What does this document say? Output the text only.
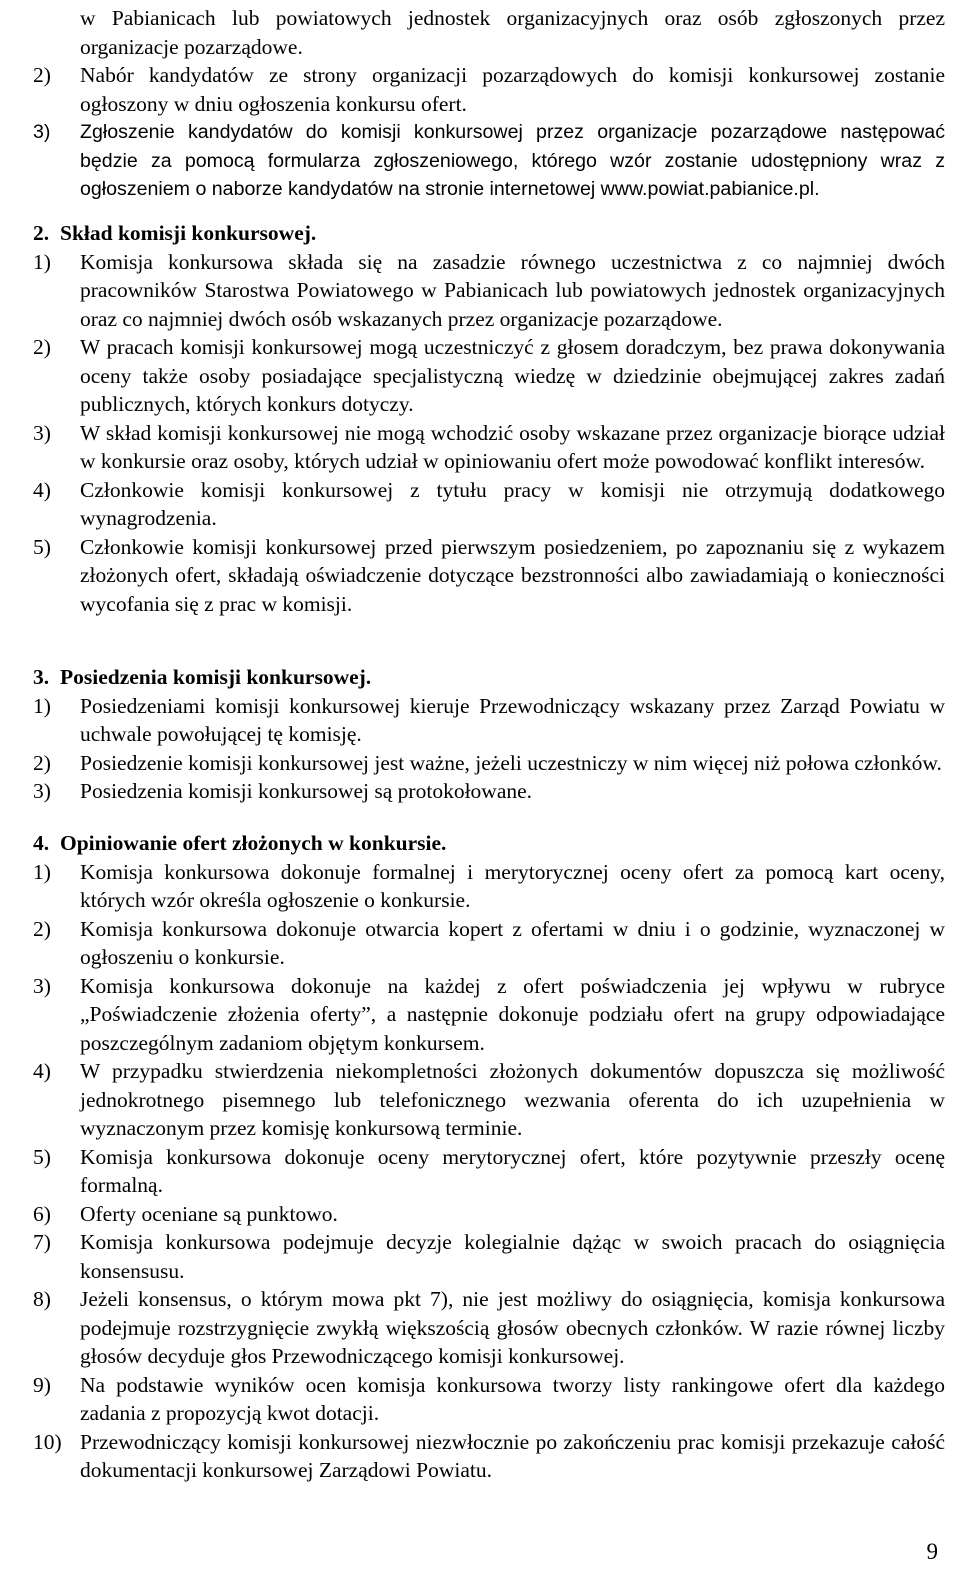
w Pabianicach lub powiatowych jednostek organizacyjnych oraz osób zgłoszonych przez organizacje pozarządowe.

2) Nabór kandydatów ze strony organizacji pozarządowych do komisji konkursowej zostanie ogłoszony w dniu ogłoszenia konkursu ofert.
3) Zgłoszenie kandydatów do komisji konkursowej przez organizacje pozarządowe następować będzie za pomocą formularza zgłoszeniowego, którego wzór zostanie udostępniony wraz z ogłoszeniem o naborze kandydatów na stronie internetowej www.powiat.pabianice.pl.

2. Skład komisji konkursowej.

1) Komisja konkursowa składa się na zasadzie równego uczestnictwa z co najmniej dwóch pracowników Starostwa Powiatowego w Pabianicach lub powiatowych jednostek organizacyjnych oraz co najmniej dwóch osób wskazanych przez organizacje pozarządowe.
2) W pracach komisji konkursowej mogą uczestniczyć z głosem doradczym, bez prawa dokonywania oceny także osoby posiadające specjalistyczną wiedzę w dziedzinie obejmującej zakres zadań publicznych, których konkurs dotyczy.
3) W skład komisji konkursowej nie mogą wchodzić osoby wskazane przez organizacje biorące udział w konkursie oraz osoby, których udział w opiniowaniu ofert może powodować konflikt interesów.
4) Członkowie komisji konkursowej z tytułu pracy w komisji nie otrzymują dodatkowego wynagrodzenia.
5) Członkowie komisji konkursowej przed pierwszym posiedzeniem, po zapoznaniu się z wykazem złożonych ofert, składają oświadczenie dotyczące bezstronności albo zawiadamiają o konieczności wycofania się z prac w komisji.

3. Posiedzenia komisji konkursowej.

1) Posiedzeniami komisji konkursowej kieruje Przewodniczący wskazany przez Zarząd Powiatu w uchwale powołującej tę komisję.
2) Posiedzenie komisji konkursowej jest ważne, jeżeli uczestniczy w nim więcej niż połowa członków.
3) Posiedzenia komisji konkursowej są protokołowane.

4. Opiniowanie ofert złożonych w konkursie.

1) Komisja konkursowa dokonuje formalnej i merytorycznej oceny ofert za pomocą kart oceny, których wzór określa ogłoszenie o konkursie.
2) Komisja konkursowa dokonuje otwarcia kopert z ofertami w dniu i o godzinie, wyznaczonej w ogłoszeniu o konkursie.
3) Komisja konkursowa dokonuje na każdej z ofert poświadczenia jej wpływu w rubryce „Poświadczenie złożenia oferty”, a następnie dokonuje podziału ofert na grupy odpowiadające poszczególnym zadaniom objętym konkursem.
4) W przypadku stwierdzenia niekompletności złożonych dokumentów dopuszcza się możliwość jednokrotnego pisemnego lub telefonicznego wezwania oferenta do ich uzupełnienia w wyznaczonym przez komisję konkursową terminie.
5) Komisja konkursowa dokonuje oceny merytorycznej ofert, które pozytywnie przeszły ocenę formalną.
6) Oferty oceniane są punktowo.
7) Komisja konkursowa podejmuje decyzje kolegialnie dążąc w swoich pracach do osiągnięcia konsensusu.
8) Jeżeli konsensus, o którym mowa pkt 7), nie jest możliwy do osiągnięcia, komisja konkursowa podejmuje rozstrzygnięcie zwykłą większością głosów obecnych członków. W razie równej liczby głosów decyduje głos Przewodniczącego komisji konkursowej.
9) Na podstawie wyników ocen komisja konkursowa tworzy listy rankingowe ofert dla każdego zadania z propozycją kwot dotacji.
10) Przewodniczący komisji konkursowej niezwłocznie po zakończeniu prac komisji przekazuje całość dokumentacji konkursowej Zarządowi Powiatu.
9
